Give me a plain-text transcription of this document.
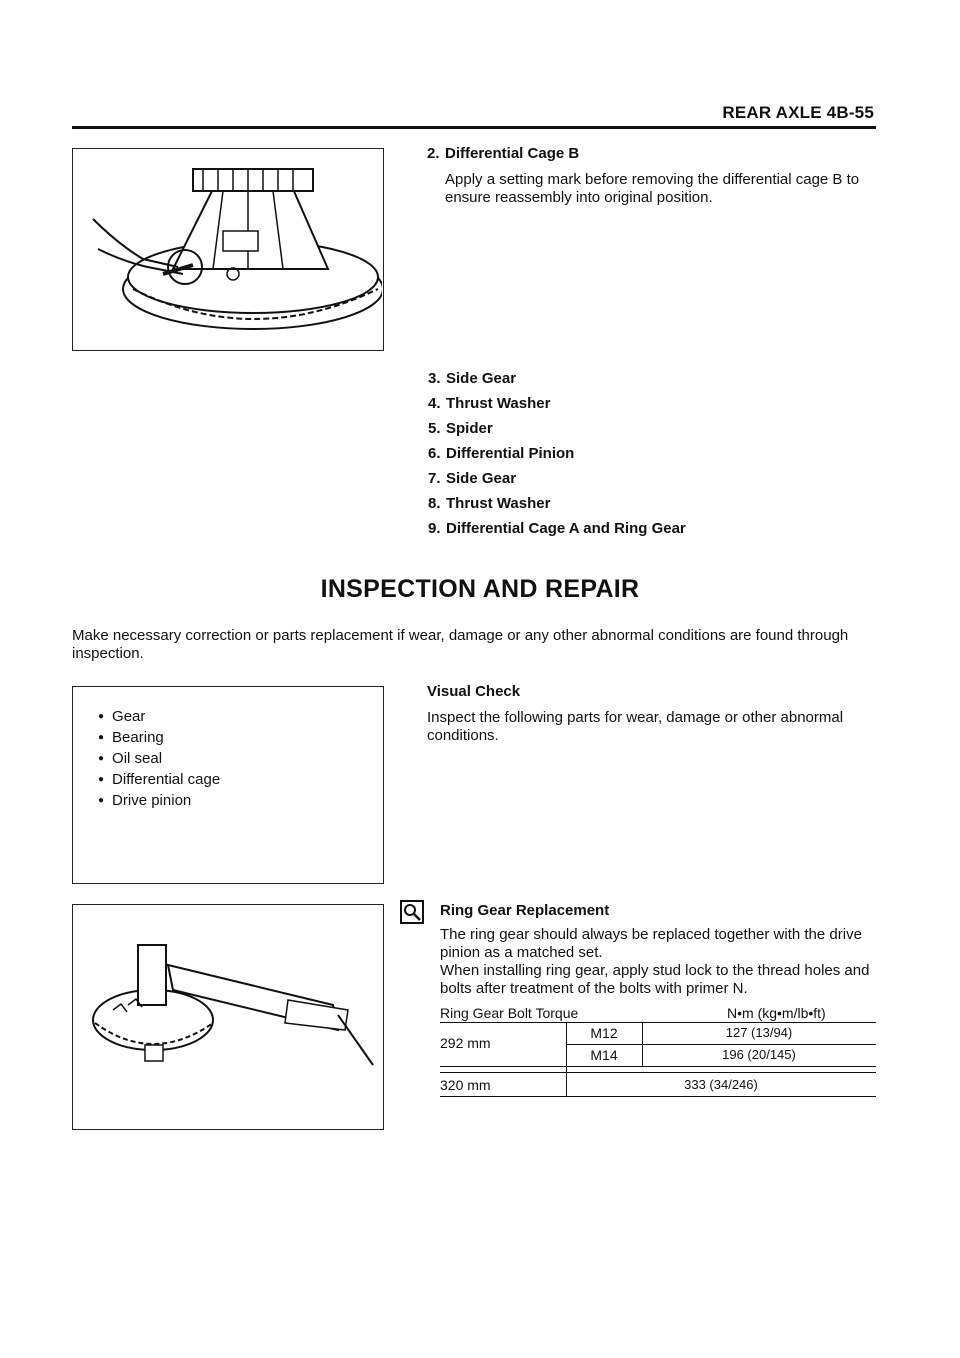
REAR AXLE 4B-55
2. Differential Cage B
Apply a setting mark before removing the differential cage B to ensure reassembly into original position.
3. Side Gear
4. Thrust Washer
5. Spider
6. Differential Pinion
7. Side Gear
8. Thrust Washer
9. Differential Cage A and Ring Gear
INSPECTION AND REPAIR
Make necessary correction or parts replacement if wear, damage or any other abnormal conditions are found through inspection.
● Gear
● Bearing
● Oil seal
● Differential cage
● Drive pinion
Visual Check
Inspect the following parts for wear, damage or other abnormal conditions.
Ring Gear Replacement
The ring gear should always be replaced together with the drive pinion as a matched set.
When installing ring gear, apply stud lock to the thread holes and bolts after treatment of the bolts with primer N.
Ring Gear Bolt Torque	N•m (kg•m/lb•ft)
292 mm
M12	127 (13/94)
M14	196 (20/145)
320 mm	333 (34/246)
